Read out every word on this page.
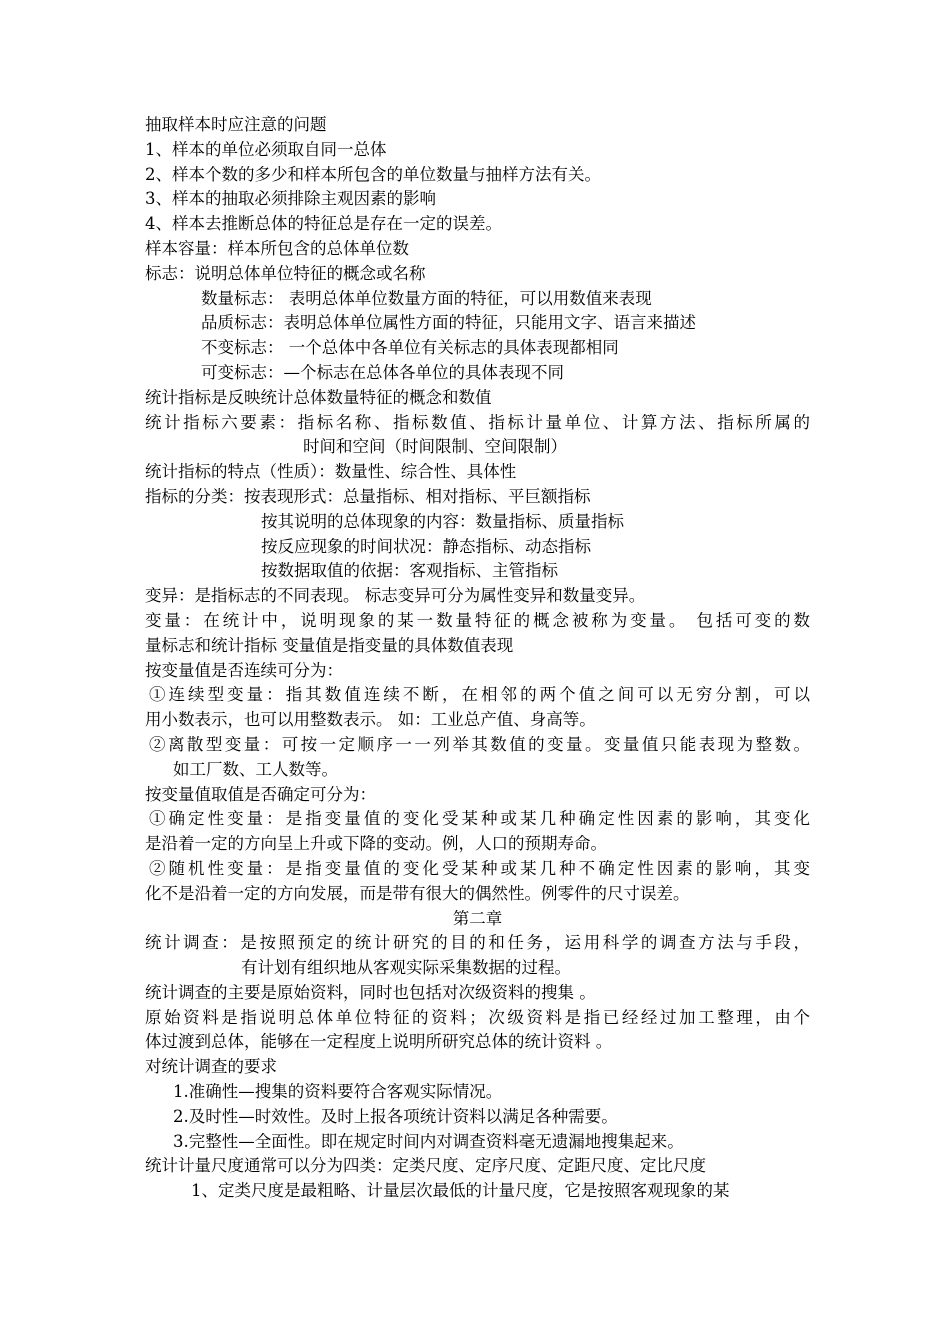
抽取样本时应注意的问题
1、样本的单位必须取自同一总体
2、样本个数的多少和样本所包含的单位数量与抽样方法有关。
3、样本的抽取必须排除主观因素的影响
4、样本去推断总体的特征总是存在一定的误差。
样本容量：样本所包含的总体单位数
标志：说明总体单位特征的概念或名称
数量标志： 表明总体单位数量方面的特征，可以用数值来表现
品质标志：表明总体单位属性方面的特征，只能用文字、语言来描述
不变标志： 一个总体中各单位有关标志的具体表现都相同
可变标志：—个标志在总体各单位的具体表现不同
统计指标是反映统计总体数量特征的概念和数值
统计指标六要素：指标名称、指标数值、指标计量单位、计算方法、指标所属的
时间和空间（时间限制、空间限制）
统计指标的特点（性质）：数量性、综合性、具体性
指标的分类：按表现形式：总量指标、相对指标、平巨额指标
按其说明的总体现象的内容：数量指标、质量指标
按反应现象的时间状况：静态指标、动态指标
按数据取值的依据：客观指标、主管指标
变异：是指标志的不同表现。 标志变异可分为属性变异和数量变异。
变量：在统计中，说明现象的某一数量特征的概念被称为变量。 包括可变的数
量标志和统计指标 变量值是指变量的具体数值表现
按变量值是否连续可分为：
①连续型变量：指其数值连续不断，在相邻的两个值之间可以无穷分割，可以
用小数表示，也可以用整数表示。 如：工业总产值、身高等。
②离散型变量：可按一定顺序一一列举其数值的变量。变量值只能表现为整数。
如工厂数、工人数等。
按变量值取值是否确定可分为：
①确定性变量：是指变量值的变化受某种或某几种确定性因素的影响，其变化
是沿着一定的方向呈上升或下降的变动。例，人口的预期寿命。
②随机性变量：是指变量值的变化受某种或某几种不确定性因素的影响，其变
化不是沿着一定的方向发展，而是带有很大的偶然性。例零件的尺寸误差。
第二章
统计调查：是按照预定的统计研究的目的和任务，运用科学的调查方法与手段，
有计划有组织地从客观实际采集数据的过程。
统计调查的主要是原始资料，同时也包括对次级资料的搜集 。
原始资料是指说明总体单位特征的资料；次级资料是指已经经过加工整理，由个
体过渡到总体，能够在一定程度上说明所研究总体的统计资料 。
对统计调查的要求
1.准确性—搜集的资料要符合客观实际情况。
2.及时性—时效性。及时上报各项统计资料以满足各种需要。
3.完整性—全面性。即在规定时间内对调查资料毫无遗漏地搜集起来。
统计计量尺度通常可以分为四类：定类尺度、定序尺度、定距尺度、定比尺度
1、定类尺度是最粗略、计量层次最低的计量尺度，它是按照客观现象的某
